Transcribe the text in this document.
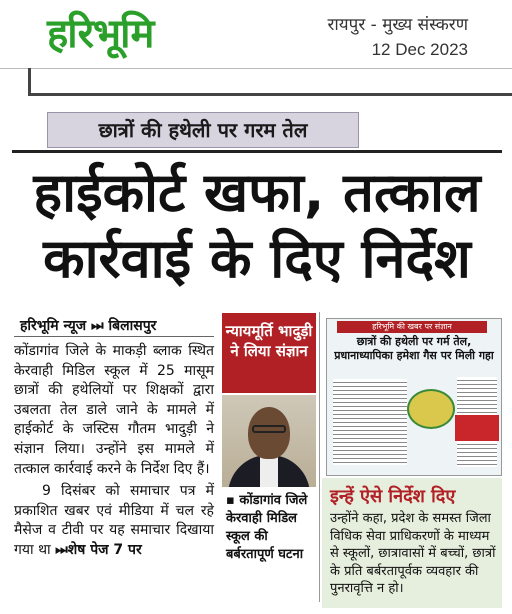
हरिभूमि	रायपुर - मुख्य संस्करण
12 Dec 2023
छात्रों की हथेली पर गरम तेल
हाईकोर्ट खफा, तत्काल
कार्रवाई के दिए निर्देश
हरिभूमि न्यूज ⏭ बिलासपुर

कोंडागांव जिले के माकड़ी ब्लाक स्थित केरवाही मिडिल स्कूल में 25 मासूम छात्रों की हथेलियों पर शिक्षकों द्वारा उबलता तेल डाले जाने के मामले में हाईकोर्ट के जस्टिस गौतम भादुड़ी ने संज्ञान लिया। उन्होंने इस मामले में तत्काल कार्रवाई करने के निर्देश दिए हैं।

9 दिसंबर को समाचार पत्र में प्रकाशित खबर एवं मीडिया में चल रहे मैसेज व टीवी पर यह समाचार दिखाया गया था ⏭शेष पेज 7 पर

न्यायमूर्ति भादुड़ी ने लिया संज्ञान
▪ कोंडागांव जिले केरवाही मिडिल स्कूल की बर्बरतापूर्ण घटना
हरिभूमि की खबर पर संज्ञान
छात्रों की हथेली पर गर्म तेल, प्रधानाध्यापिका हमेशा गैस पर मिली गहा
इन्हें ऐसे निर्देश दिए
उन्होंने कहा, प्रदेश के समस्त जिला विधिक सेवा प्राधिकरणों के माध्यम से स्कूलों, छात्रावासों में बच्चों, छात्रों के प्रति बर्बरतापूर्वक व्यवहार की पुनरावृत्ति न हो।
